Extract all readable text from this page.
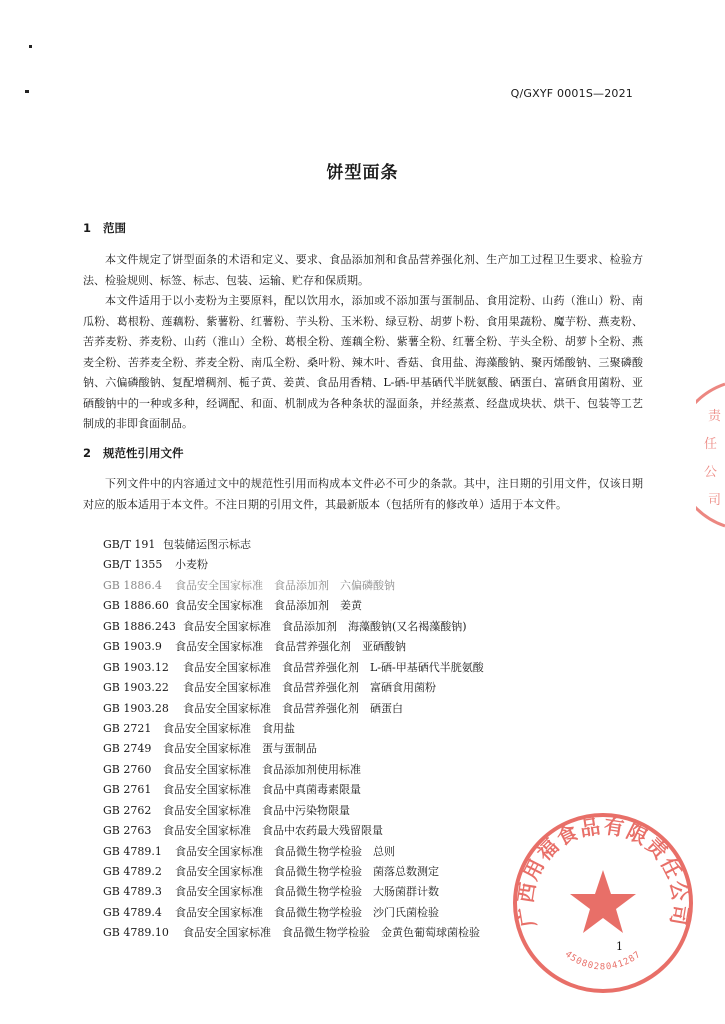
Q/GXYF 0001S—2021
饼型面条
1 范围

本文件规定了饼型面条的术语和定义、要求、食品添加剂和食品营养强化剂、生产加工过程卫生要求、检验方法、检验规则、标签、标志、包装、运输、贮存和保质期。

本文件适用于以小麦粉为主要原料，配以饮用水，添加或不添加蛋与蛋制品、食用淀粉、山药（淮山）粉、南瓜粉、葛根粉、莲藕粉、紫薯粉、红薯粉、芋头粉、玉米粉、绿豆粉、胡萝卜粉、食用果蔬粉、魔芋粉、燕麦粉、苦荞麦粉、荞麦粉、山药（淮山）全粉、葛根全粉、莲藕全粉、紫薯全粉、红薯全粉、芋头全粉、胡萝卜全粉、燕麦全粉、苦荞麦全粉、荞麦全粉、南瓜全粉、桑叶粉、辣木叶、香菇、食用盐、海藻酸钠、聚丙烯酸钠、三聚磷酸钠、六偏磷酸钠、复配增稠剂、栀子黄、姜黄、食品用香精、L-硒-甲基硒代半胱氨酸、硒蛋白、富硒食用菌粉、亚硒酸钠中的一种或多种，经调配、和面、机制成为各种条状的湿面条，并经蒸煮、经盘成块状、烘干、包装等工艺制成的非即食面制品。

2 规范性引用文件

下列文件中的内容通过文中的规范性引用而构成本文件必不可少的条款。其中，注日期的引用文件，仅该日期对应的版本适用于本文件。不注日期的引用文件，其最新版本（包括所有的修改单）适用于本文件。

GB/T 191 包装储运图示标志
GB/T 1355 小麦粉
GB 1886.4 食品安全国家标准　食品添加剂　六偏磷酸钠
GB 1886.60 食品安全国家标准　食品添加剂　姜黄
GB 1886.243 食品安全国家标准　食品添加剂　海藻酸钠(又名褐藻酸钠)
GB 1903.9 食品安全国家标准　食品营养强化剂　亚硒酸钠
GB 1903.12 食品安全国家标准　食品营养强化剂　L-硒-甲基硒代半胱氨酸
GB 1903.22 食品安全国家标准　食品营养强化剂　富硒食用菌粉
GB 1903.28 食品安全国家标准　食品营养强化剂　硒蛋白
GB 2721 食品安全国家标准　食用盐
GB 2749 食品安全国家标准　蛋与蛋制品
GB 2760 食品安全国家标准　食品添加剂使用标准
GB 2761 食品安全国家标准　食品中真菌毒素限量
GB 2762 食品安全国家标准　食品中污染物限量
GB 2763 食品安全国家标准　食品中农药最大残留限量
GB 4789.1 食品安全国家标准　食品微生物学检验　总则
GB 4789.2 食品安全国家标准　食品微生物学检验　菌落总数测定
GB 4789.3 食品安全国家标准　食品微生物学检验　大肠菌群计数
GB 4789.4 食品安全国家标准　食品微生物学检验　沙门氏菌检验
GB 4789.10 食品安全国家标准　食品微生物学检验　金黄色葡萄球菌检验
1
广西用福食品有限责任公司
4508028041287
责
任
公
司
